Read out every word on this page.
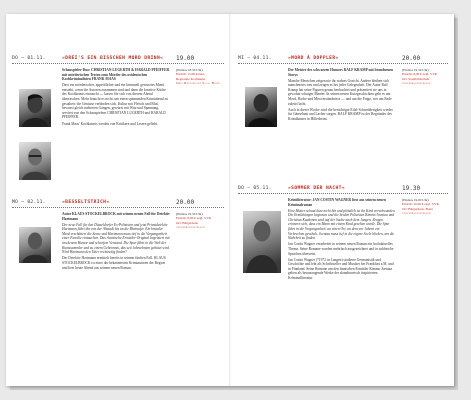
DO – 01.11.	»DREI'S EIN BISSCHEN MORD DRINN« 19.00

Schauspieler-Duo: CHRISTIAN LUGERTH & HARALD PFEIFFER mit mörderischen Texten zum Mörder des ostdeutschen Kochkriminalisten FRANK MAAS

Dass ein mörderischer, appetitlicher und ein kriminell gewürztes Menü entsteht, wenn die Autoren zusammen sind und dann die kreative Küche des Kochkrimis eintaucht — lassen Sie sich von diesem Abend überraschen. Mehr braucht es nicht, um einen spannenden Krimiabend zu gestalten: die Genüsse verbinden sich, Kultur mit Fleisch und Blut, bewusst gleich mehreren Gängen, gewürzt mit Witz und Spannung, serviert von den Schauspielern CHRISTIAN LUGERTH und HARALD PFEIFFER.

Frank Maas' Kochkrimis werden von Kritikern und Lesern geliebt.

(Einlass 18.30 Uhr)
Eintritt: 15,00 € inkl.
Regionale Kochkunst
Ort: Restaurant Saal, Bonn
MO – 02.11.	»BESSELTSTRICH«	20.00

Autor KLAUS STOCKELBROCK mit seinem neuen Fall für Detektiv Hartmann

Der neue Fall für den Düsseldorfer Ex-Polizisten und jetzt Privatdetektiv Hartmann führt ihn von der Altstadt bis an die Rheinufer. Ein brutaler Mord erschüttert die Szene und Hartmann muss tief in die Vergangenheit einer Familie eintauchen. Das rheinische Ermittler-Original begeistert mit trockenem Humor und scharfem Verstand. Die Spur führt in die Welt der Kunstsammler und zu einem Geheimnis, das seit Jahrzehnten gehütet wird. Wird Hartmann den Täter rechtzeitig finden?

Der Detektiv Hartmann ermittelt bereits in seinem fünften Fall. KLAUS STOCKELBROCK ist einer der bekanntesten Krimiautoren der Region und liest heute Abend aus seinem neuen Roman.

(Einlass 19.30 Uhr)
Eintritt: 8,00 € zzgl. VVK
Ort: Bürgerhaus
vorverkaufsstellen
MI – 04.11.	»MORD À DOPPLER«	20.00

Der Meister des schwarzen Humors RALF KRAMP mit brandneuen Storys

Manche Menschen zeigen nie ihr wahres Gesicht. Andere bleiben sich mancherorts treu und zeigen es bei jeder Gelegenheit. Der Autor Ralf Kramp hat seine Figuren genau beobachtet und präsentiert sie uns in gewohnt schräger Manier. In seinen neuen Kurzgeschichten geht es um Mord, Rache und Missverständnisse — und um die Frage, wer am Ende zuletzt lacht.

Auch in dieser Woche wird die berüchtigte Eifel-Schnodderigkeit wieder für Gänsehaut und Lacher sorgen. RALF KRAMP ist der Begründer des Krimihauses in Hillesheim.

(Einlass 19.30 Uhr)
Eintritt: 8,00 € zzgl. VVK
Ort: Stadtbibliothek
vorverkaufsstellen
DO – 05.11.	»SOMMER DER NACHT«	19.30

Krimiliteratur: JAN COSTIN WAGNER liest aus seinem neuen Kriminalroman

Eine Mutter schaut kurz nicht hin und plötzlich ist ihr Kind verschwunden. Die Ermittlungen beginnen und die beiden Polizisten Kimmo Joentaa und Christian Kaukonen sind auf der Suche nach dem Jungen. Zeugen erinnern sich, dass ein Mann mit einem Kind gesehen wurde. Die Spur führt in die Vergangenheit, an einen Ort, an dem vor Jahren ein Verbrechen geschah. Joentaa muss tief in die eigene Seele blicken, um die Wahrheit zu finden.

Jan Costin Wagner verarbeitet in seinem neuen Roman ein hochaktuelles Thema. Seine Romane wurden mehrfach ausgezeichnet und in zahlreiche Sprachen übersetzt.

Jan Costin Wagner (*1972 in Langen) studierte Germanistik und Geschichte und lebt als Schriftsteller und Musiker bei Frankfurt a.M. und in Finnland. Seine Romane um den finnischen Ermittler Kimmo Joentaa gelten als herausragende Werke der skandinavisch inspirierten Kriminalliteratur.

(Einlass 19.00 Uhr)
Eintritt: 10,00 € zzgl. VVK
Ort: Bürgerhaus, Bonn
vorverkaufsstellen
